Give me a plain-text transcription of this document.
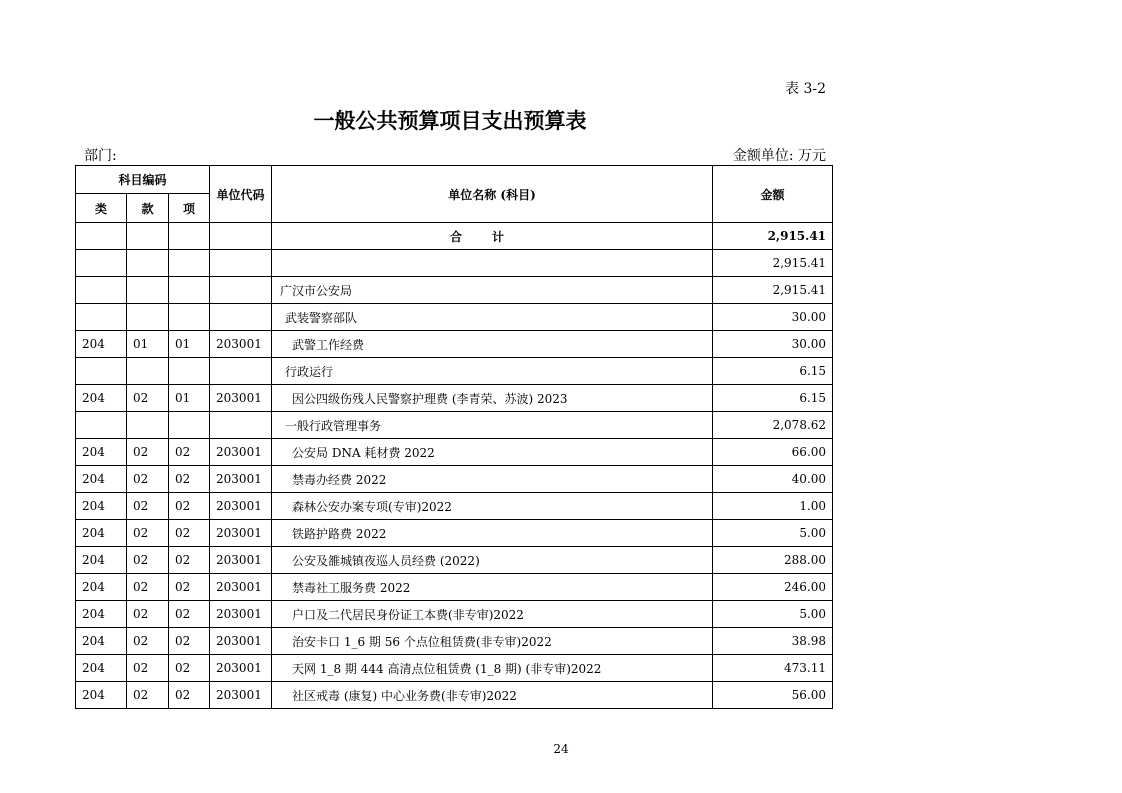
表 3-2
一般公共预算项目支出预算表
部门:	金额单位: 万元
科目编码			单位代码	单位名称 (科目)	金额
类	款	项			
				合计	2,915.41
					2,915.41
				广汉市公安局	2,915.41
				武装警察部队	30.00
204	01	01	203001	武警工作经费	30.00
				行政运行	6.15
204	02	01	203001	因公四级伤残人民警察护理费 (李青荣、苏波) 2023	6.15
				一般行政管理事务	2,078.62
204	02	02	203001	公安局 DNA 耗材费 2022	66.00
204	02	02	203001	禁毒办经费 2022	40.00
204	02	02	203001	森林公安办案专项(专审)2022	1.00
204	02	02	203001	铁路护路费 2022	5.00
204	02	02	203001	公安及雒城镇夜巡人员经费 (2022)	288.00
204	02	02	203001	禁毒社工服务费 2022	246.00
204	02	02	203001	户口及二代居民身份证工本费(非专审)2022	5.00
204	02	02	203001	治安卡口 1_6 期 56 个点位租赁费(非专审)2022	38.98
204	02	02	203001	天网 1_8 期 444 高清点位租赁费 (1_8 期) (非专审)2022	473.11
204	02	02	203001	社区戒毒 (康复) 中心业务费(非专审)2022	56.00
24
